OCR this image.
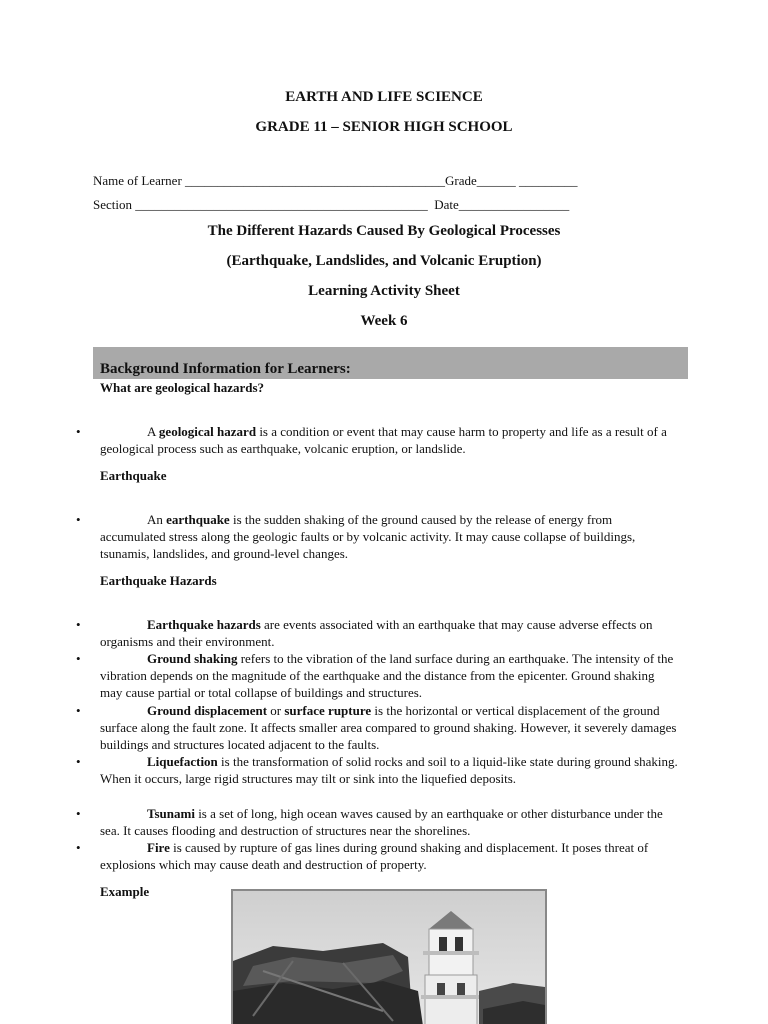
EARTH AND LIFE SCIENCE
GRADE 11 – SENIOR HIGH SCHOOL
Name of Learner ________________________________________Grade______ _________
Section _____________________________________________  Date_________________
The Different Hazards Caused By Geological Processes
(Earthquake, Landslides, and Volcanic Eruption)
Learning Activity Sheet
Week 6
Background Information for Learners:
What are geological hazards?
•	A geological hazard is a condition or event that may cause harm to property and life as a result of a geological process such as earthquake, volcanic eruption, or landslide.
Earthquake
•	An earthquake is the sudden shaking of the ground caused by the release of energy from accumulated stress along the geologic faults or by volcanic activity. It may cause collapse of buildings, tsunamis, landslides, and ground-level changes.
Earthquake Hazards
•	Earthquake hazards are events associated with an earthquake that may cause adverse effects on organisms and their environment.
•	Ground shaking refers to the vibration of the land surface during an earthquake. The intensity of the vibration depends on the magnitude of the earthquake and the distance from the epicenter. Ground shaking may cause partial or total collapse of buildings and structures.
•	Ground displacement or surface rupture is the horizontal or vertical displacement of the ground surface along the fault zone. It affects smaller area compared to ground shaking. However, it severely damages buildings and structures located adjacent to the faults.
•	Liquefaction is the transformation of solid rocks and soil to a liquid-like state during ground shaking. When it occurs, large rigid structures may tilt or sink into the liquefied deposits.
•	Tsunami is a set of long, high ocean waves caused by an earthquake or other disturbance under the sea. It causes flooding and destruction of structures near the shorelines.
•	Fire is caused by rupture of gas lines during ground shaking and displacement. It poses threat of explosions which may cause death and destruction of property.
Example
